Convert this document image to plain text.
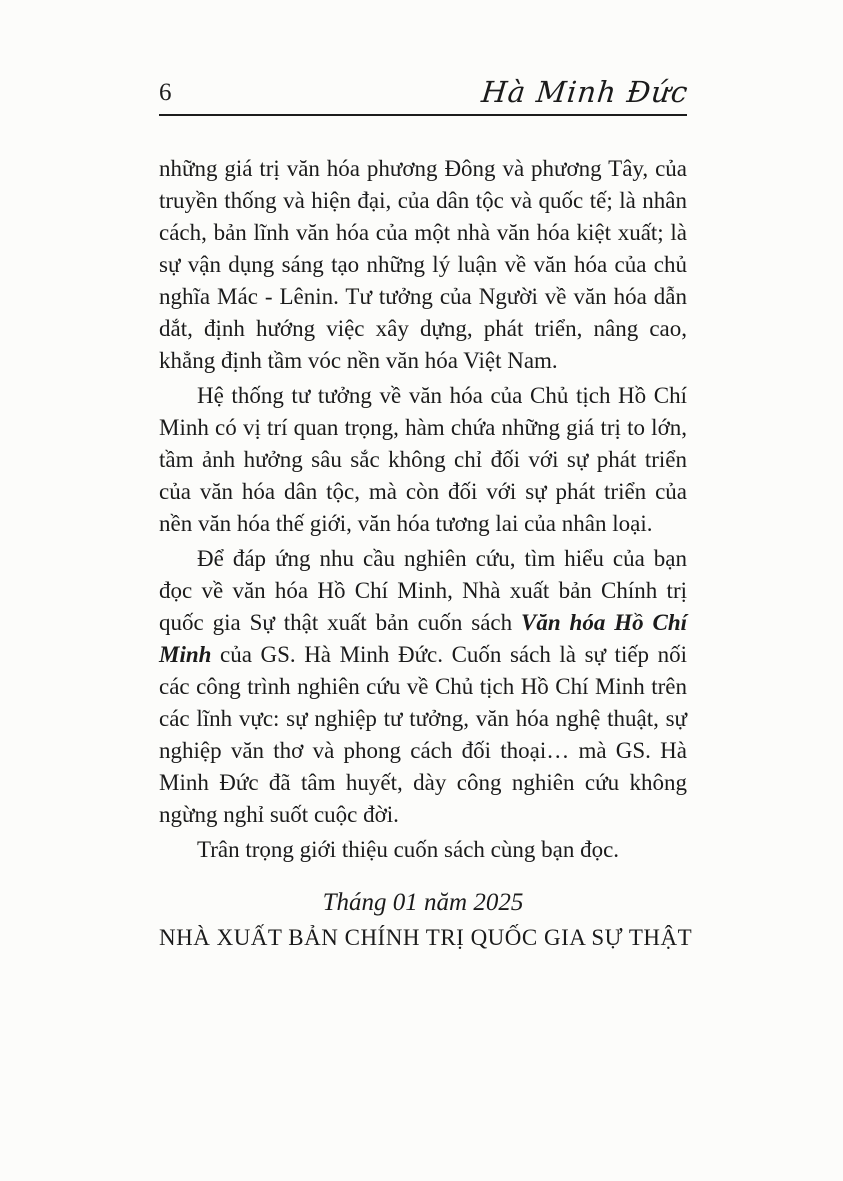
6	Hà Minh Đức

những giá trị văn hóa phương Đông và phương Tây, của truyền thống và hiện đại, của dân tộc và quốc tế; là nhân cách, bản lĩnh văn hóa của một nhà văn hóa kiệt xuất; là sự vận dụng sáng tạo những lý luận về văn hóa của chủ nghĩa Mác - Lênin. Tư tưởng của Người về văn hóa dẫn dắt, định hướng việc xây dựng, phát triển, nâng cao, khẳng định tầm vóc nền văn hóa Việt Nam.

Hệ thống tư tưởng về văn hóa của Chủ tịch Hồ Chí Minh có vị trí quan trọng, hàm chứa những giá trị to lớn, tầm ảnh hưởng sâu sắc không chỉ đối với sự phát triển của văn hóa dân tộc, mà còn đối với sự phát triển của nền văn hóa thế giới, văn hóa tương lai của nhân loại.

Để đáp ứng nhu cầu nghiên cứu, tìm hiểu của bạn đọc về văn hóa Hồ Chí Minh, Nhà xuất bản Chính trị quốc gia Sự thật xuất bản cuốn sách Văn hóa Hồ Chí Minh của GS. Hà Minh Đức. Cuốn sách là sự tiếp nối các công trình nghiên cứu về Chủ tịch Hồ Chí Minh trên các lĩnh vực: sự nghiệp tư tưởng, văn hóa nghệ thuật, sự nghiệp văn thơ và phong cách đối thoại… mà GS. Hà Minh Đức đã tâm huyết, dày công nghiên cứu không ngừng nghỉ suốt cuộc đời.

Trân trọng giới thiệu cuốn sách cùng bạn đọc.

Tháng 01 năm 2025
NHÀ XUẤT BẢN CHÍNH TRỊ QUỐC GIA SỰ THẬT
